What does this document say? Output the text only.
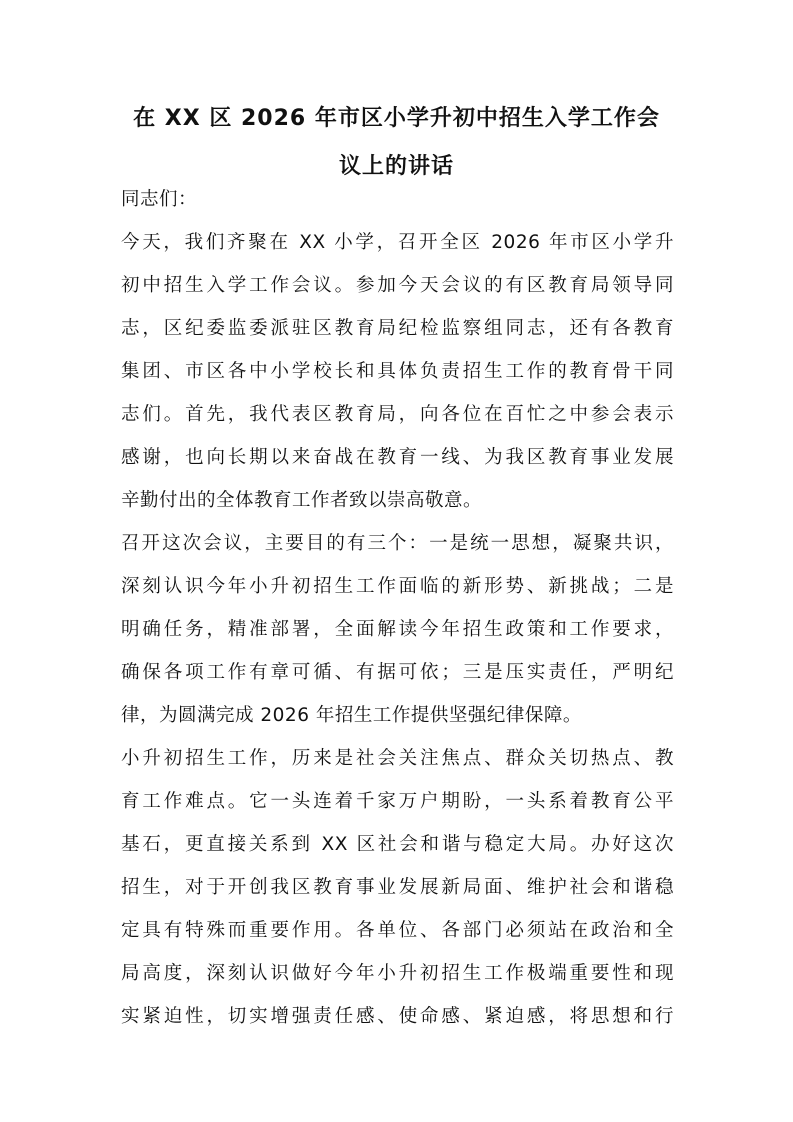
在 XX 区 2026 年市区小学升初中招生入学工作会
议上的讲话
同志们：
今天，我们齐聚在 XX 小学，召开全区 2026 年市区小学升
初中招生入学工作会议。参加今天会议的有区教育局领导同
志，区纪委监委派驻区教育局纪检监察组同志，还有各教育
集团、市区各中小学校长和具体负责招生工作的教育骨干同
志们。首先，我代表区教育局，向各位在百忙之中参会表示
感谢，也向长期以来奋战在教育一线、为我区教育事业发展
辛勤付出的全体教育工作者致以崇高敬意。
召开这次会议，主要目的有三个：一是统一思想，凝聚共识，
深刻认识今年小升初招生工作面临的新形势、新挑战；二是
明确任务，精准部署，全面解读今年招生政策和工作要求，
确保各项工作有章可循、有据可依；三是压实责任，严明纪
律，为圆满完成 2026 年招生工作提供坚强纪律保障。
小升初招生工作，历来是社会关注焦点、群众关切热点、教
育工作难点。它一头连着千家万户期盼，一头系着教育公平
基石，更直接关系到 XX 区社会和谐与稳定大局。办好这次
招生，对于开创我区教育事业发展新局面、维护社会和谐稳
定具有特殊而重要作用。各单位、各部门必须站在政治和全
局高度，深刻认识做好今年小升初招生工作极端重要性和现
实紧迫性，切实增强责任感、使命感、紧迫感，将思想和行
